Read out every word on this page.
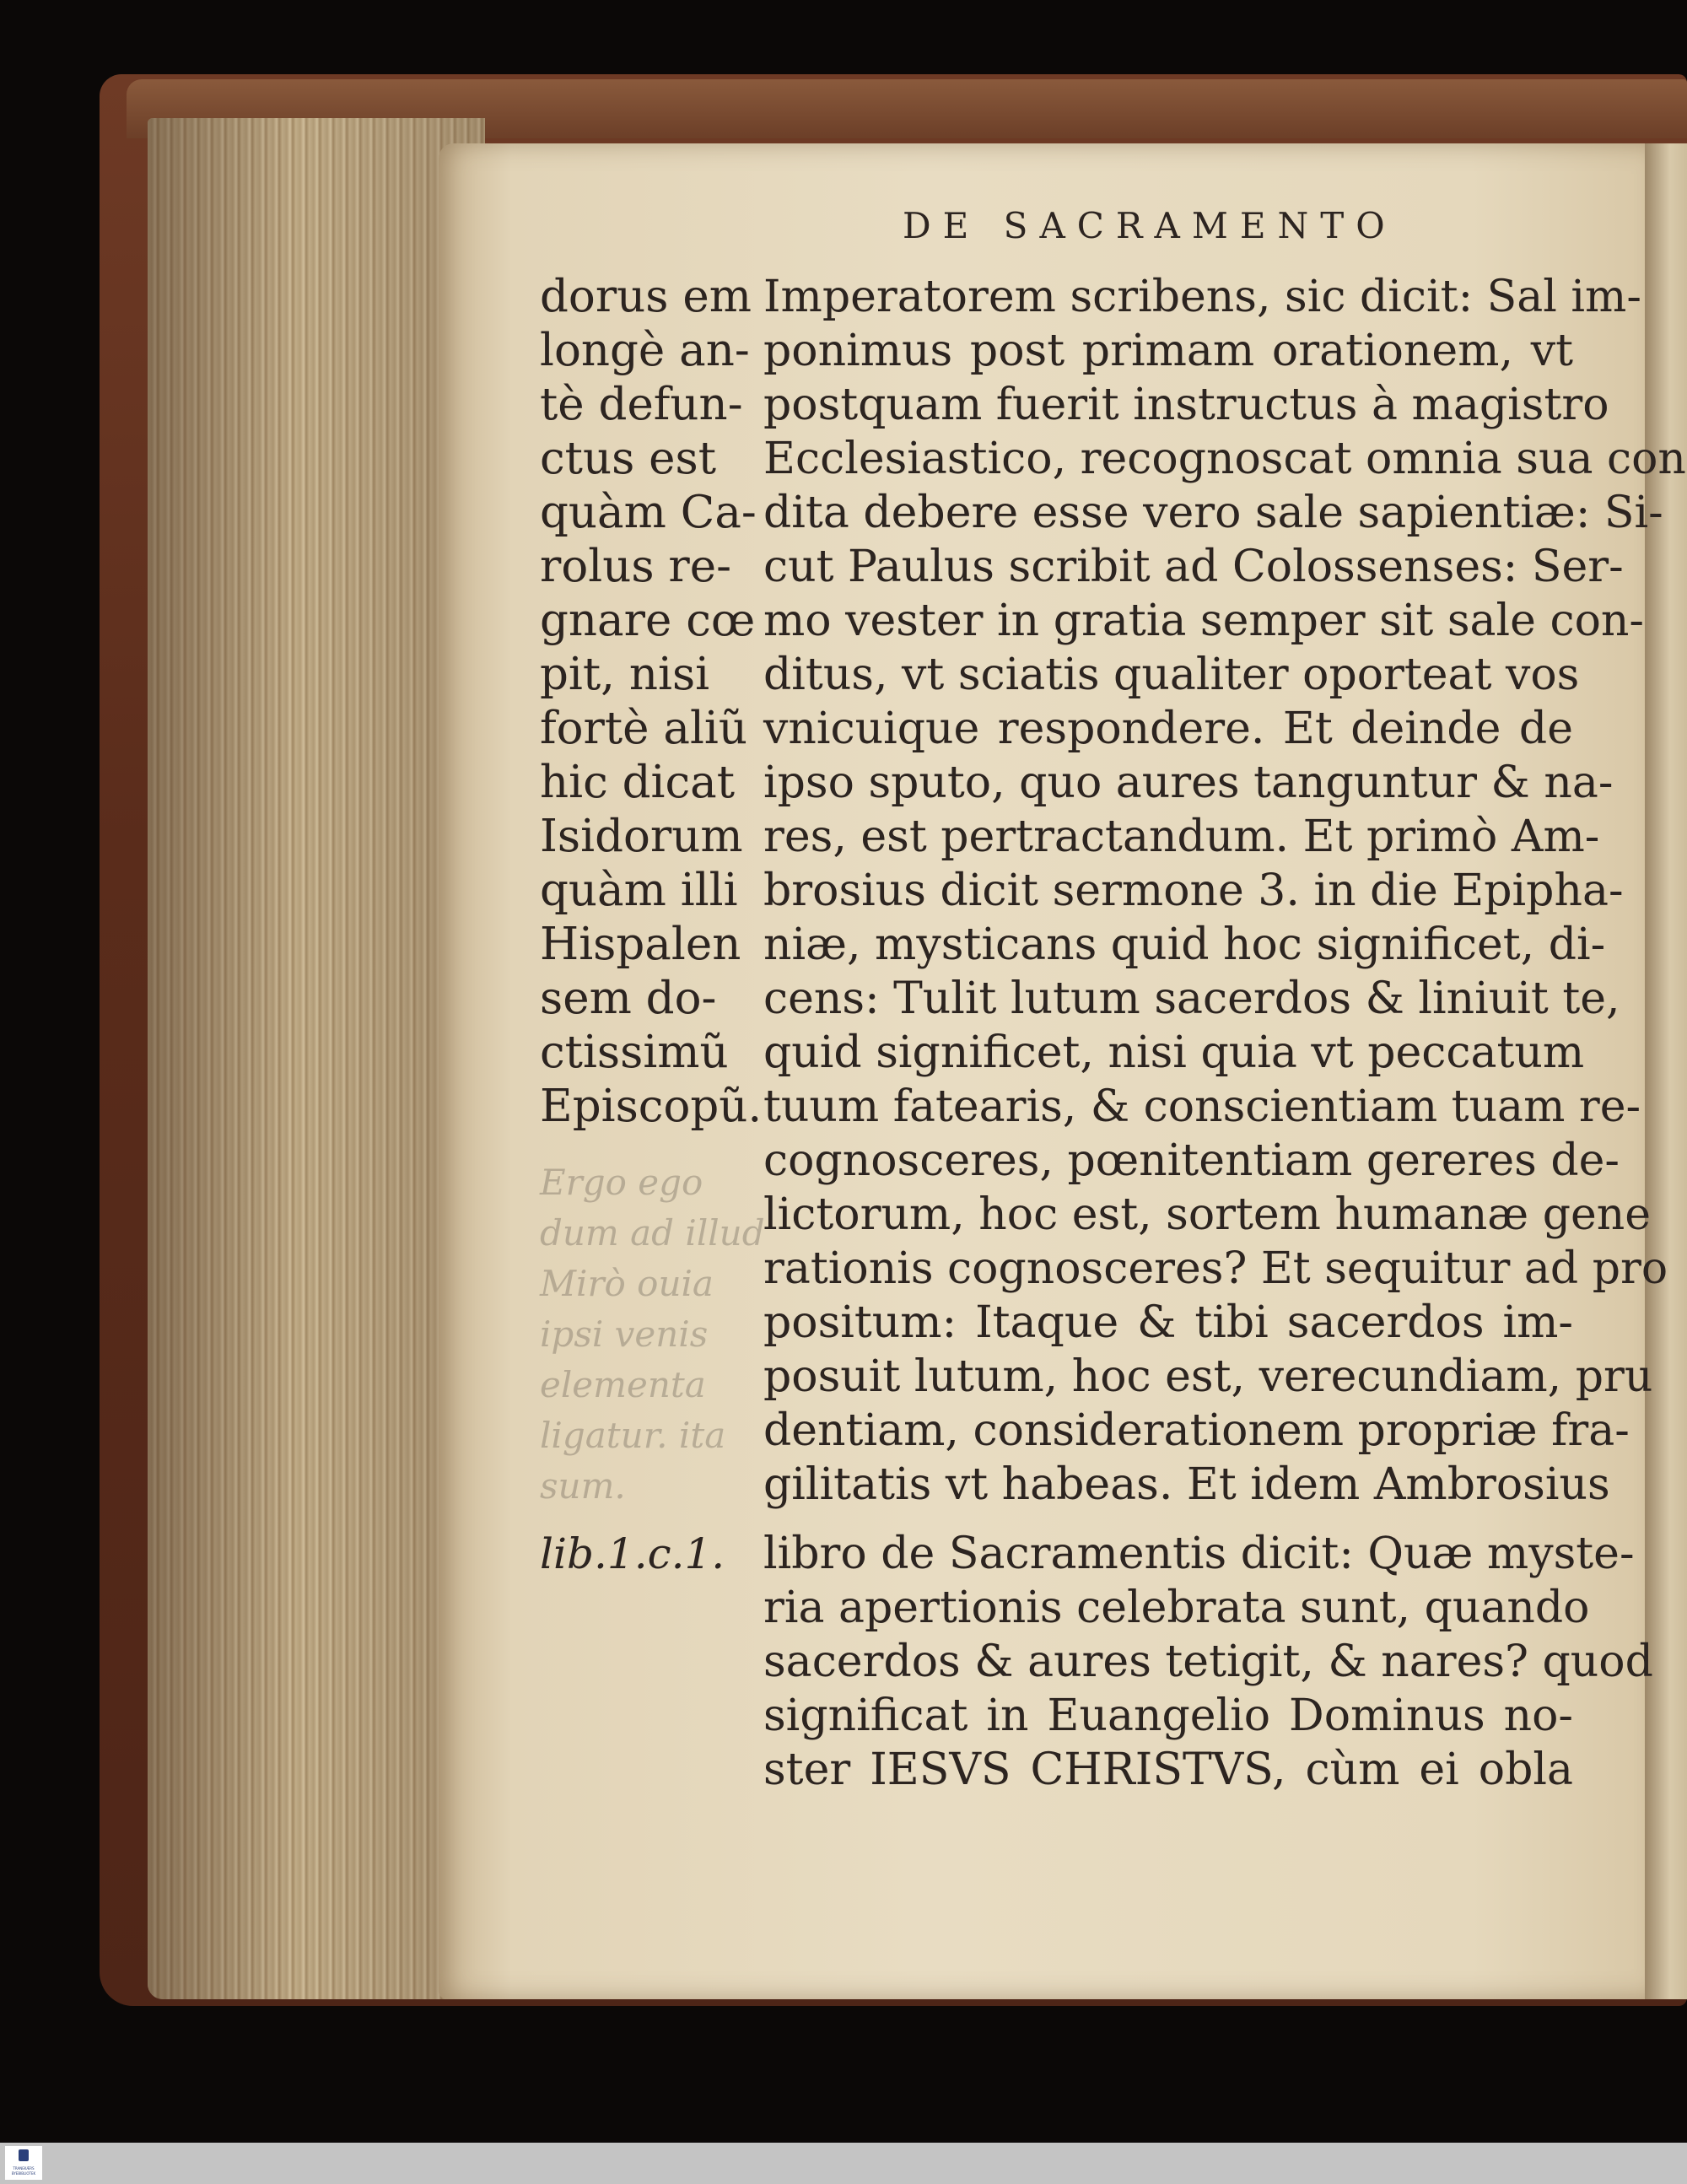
DE SACRAMENTO
dorus em
longè an-
tè defun-
ctus est
quàm Ca-
rolus re-
gnare cœ
pit, nisi
fortè aliũ
hic dicat
Isidorum
quàm illi
Hispalen
sem do-
ctissimũ
Episcopũ.
Ergo ego
dum ad illud
Mirò ouia
ipsi venis
elementa
ligatur. ita
sum.
lib.1.c.1.
Imperatorem scribens, sic dicit: Sal im-
ponimus post primam orationem, vt
postquam fuerit instructus à magistro
Ecclesiastico, recognoscat omnia sua con
dita debere esse vero sale sapientiæ: Si-
cut Paulus scribit ad Colossenses: Ser-
mo vester in gratia semper sit sale con-
ditus, vt sciatis qualiter oporteat vos
vnicuique respondere. Et deinde de
ipso sputo, quo aures tanguntur & na-
res, est pertractandum. Et primò Am-
brosius dicit sermone 3. in die Epipha-
niæ, mysticans quid hoc significet, di-
cens: Tulit lutum sacerdos & liniuit te,
quid significet, nisi quia vt peccatum
tuum fatearis, & conscientiam tuam re-
cognosceres, pœnitentiam gereres de-
lictorum, hoc est, sortem humanæ gene
rationis cognosceres? Et sequitur ad pro
positum: Itaque & tibi sacerdos im-
posuit lutum, hoc est, verecundiam, pru
dentiam, considerationem propriæ fra-
gilitatis vt habeas. Et idem Ambrosius
libro de Sacramentis dicit: Quæ myste-
ria apertionis celebrata sunt, quando
sacerdos & aures tetigit, & nares? quod
significat in Euangelio Dominus no-
ster IESVS CHRISTVS, cùm ei obla
TRANEKÆRS BYEBIBLIOTEK
